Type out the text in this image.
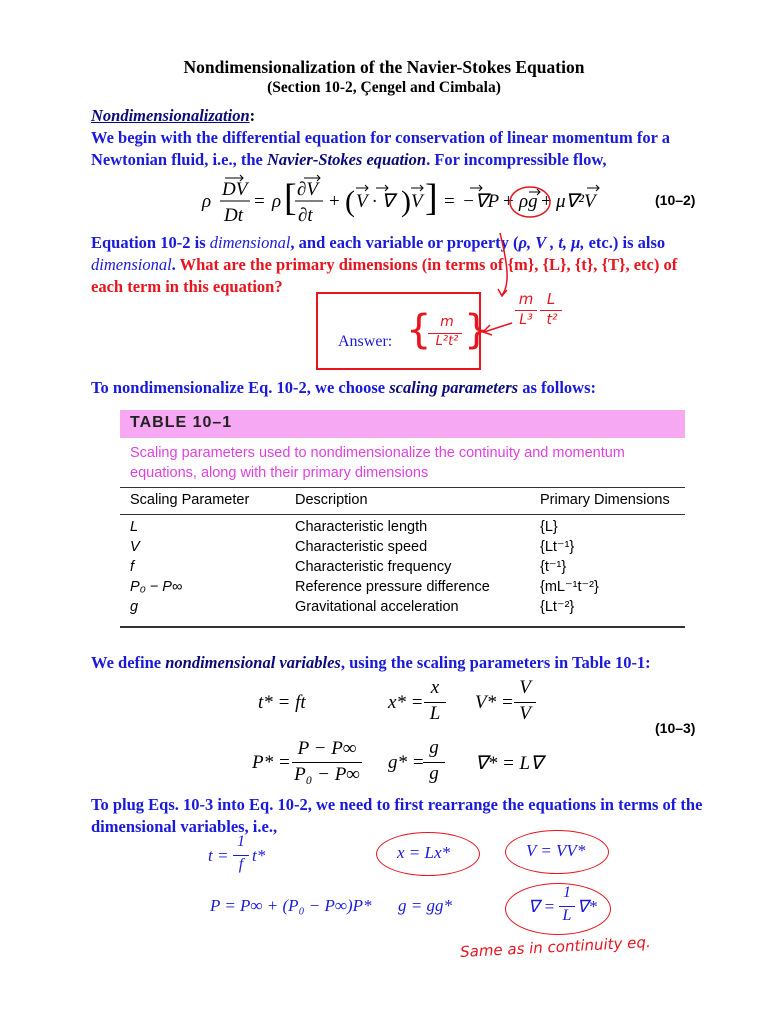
Nondimensionalization of the Navier-Stokes Equation
(Section 10-2, Çengel and Cimbala)
Nondimensionalization:
We begin with the differential equation for conservation of linear momentum for a
Newtonian fluid, i.e., the Navier-Stokes equation. For incompressible flow,
ρ
DV
Dt
= ρ [ ∂V
∂t
+ ( V · ∇ ) V ] = −∇P + ρg + μ∇²V	(10–2)
Equation 10-2 is dimensional, and each variable or property (ρ, V , t, μ, etc.) is also
dimensional. What are the primary dimensions (in terms of {m}, {L}, {t}, {T}, etc) of
each term in this equation?
Answer: { m
L²t² }
m
L³
L
t²
To nondimensionalize Eq. 10-2, we choose scaling parameters as follows:
TABLE 10–1
Scaling parameters used to nondimensionalize the continuity and momentum
equations, along with their primary dimensions
Scaling Parameter	Description	Primary Dimensions
L	Characteristic length	{L}
V	Characteristic speed	{Lt⁻¹}
f	Characteristic frequency	{t⁻¹}
P₀ − P∞	Reference pressure difference	{mL⁻¹t⁻²}
g	Gravitational acceleration	{Lt⁻²}
We define nondimensional variables, using the scaling parameters in Table 10-1:
t* = ft	x* =
x
L
V* =
V
V
(10–3)
P* =
P − P∞
P₀ − P∞
g* =
g
g ∇* = L∇
To plug Eqs. 10-3 into Eq. 10-2, we need to first rearrange the equations in terms of the
dimensional variables, i.e.,
t =
1
f t*	x = Lx*	V = VV*
P = P∞ + (P₀ − P∞)P* g = gg*	∇ =
1
L ∇*
Same as in continuity eq.
